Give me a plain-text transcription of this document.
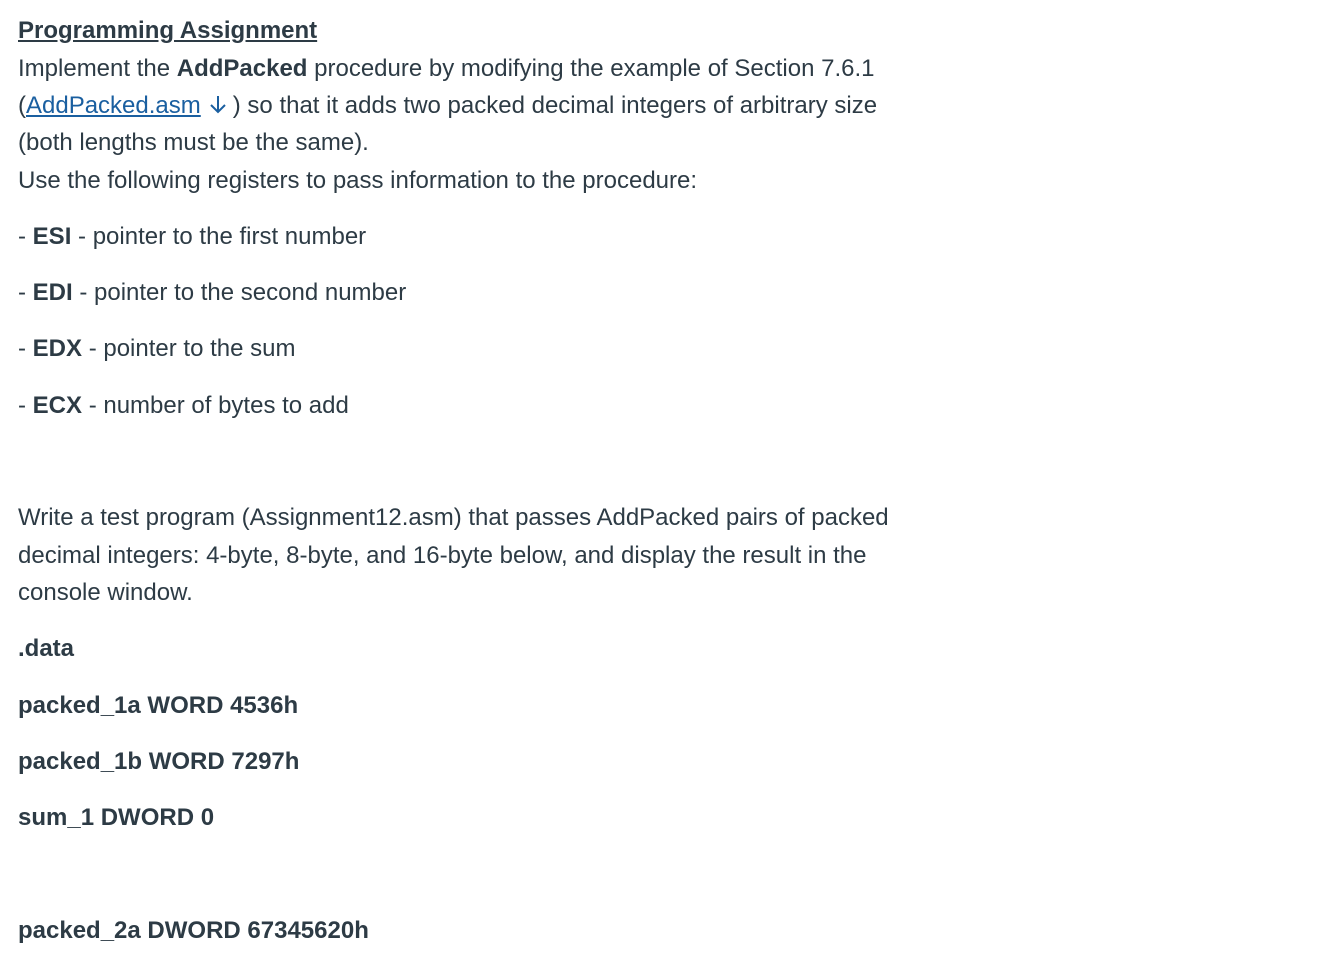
Programming Assignment
Implement the AddPacked procedure by modifying the example of Section 7.6.1
(AddPacked.asm ) so that it adds two packed decimal integers of arbitrary size
(both lengths must be the same).
Use the following registers to pass information to the procedure:
- ESI - pointer to the first number
- EDI - pointer to the second number
- EDX - pointer to the sum
- ECX - number of bytes to add
Write a test program (Assignment12.asm) that passes AddPacked pairs of packed
decimal integers: 4-byte, 8-byte, and 16-byte below, and display the result in the
console window.
.data
packed_1a WORD 4536h
packed_1b WORD 7297h
sum_1 DWORD 0
packed_2a DWORD 67345620h
